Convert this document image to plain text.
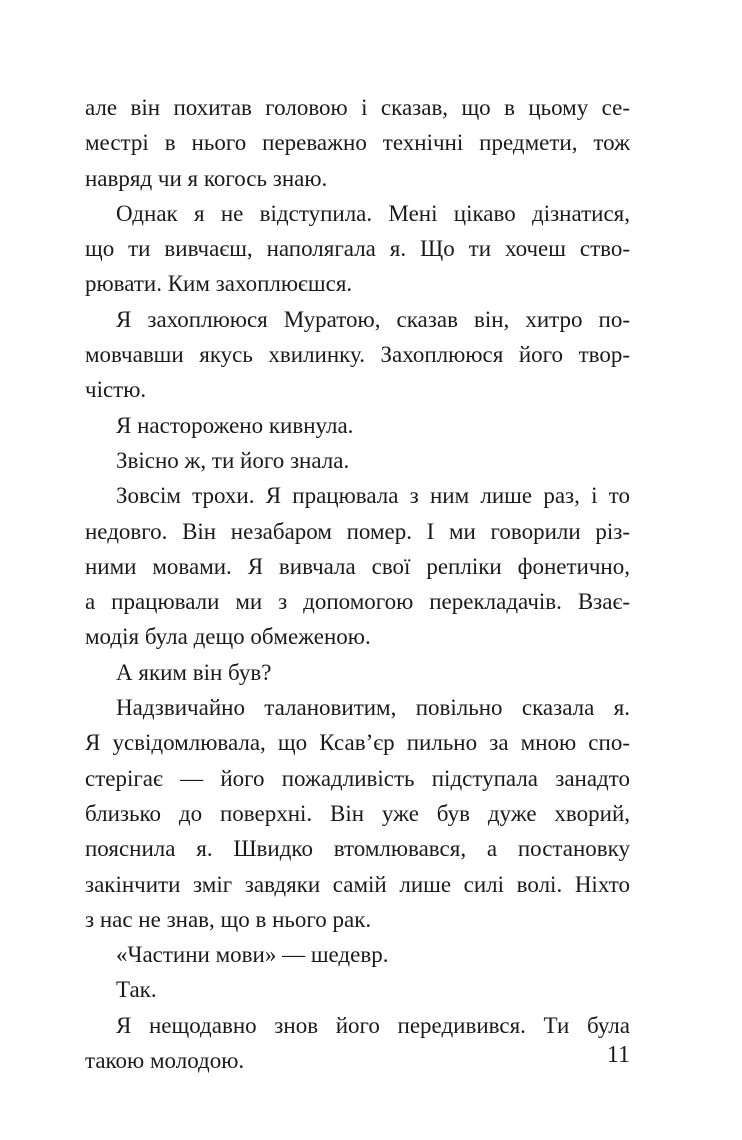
але він похитав головою і сказав, що в цьому се-
местрі в нього переважно технічні предмети, тож
навряд чи я когось знаю.
Однак я не відступила. Мені цікаво дізнатися,
що ти вивчаєш, наполягала я. Що ти хочеш ство-
рювати. Ким захоплюєшся.
Я захоплююся Муратою, сказав він, хитро по-
мовчавши якусь хвилинку. Захоплююся його твор-
чістю.
Я насторожено кивнула.
Звісно ж, ти його знала.
Зовсім трохи. Я працювала з ним лише раз, і то
недовго. Він незабаром помер. І ми говорили різ-
ними мовами. Я вивчала свої репліки фонетично,
а працювали ми з допомогою перекладачів. Взає-
модія була дещо обмеженою.
А яким він був?
Надзвичайно талановитим, повільно сказала я.
Я усвідомлювала, що Ксав’єр пильно за мною спо-
стерігає — його пожадливість підступала занадто
близько до поверхні. Він уже був дуже хворий,
пояснила я. Швидко втомлювався, а постановку
закінчити зміг завдяки самій лише силі волі. Ніхто
з нас не знав, що в нього рак.
«Частини мови» — шедевр.
Так.
Я нещодавно знов його передивився. Ти була
такою молодою.	11
